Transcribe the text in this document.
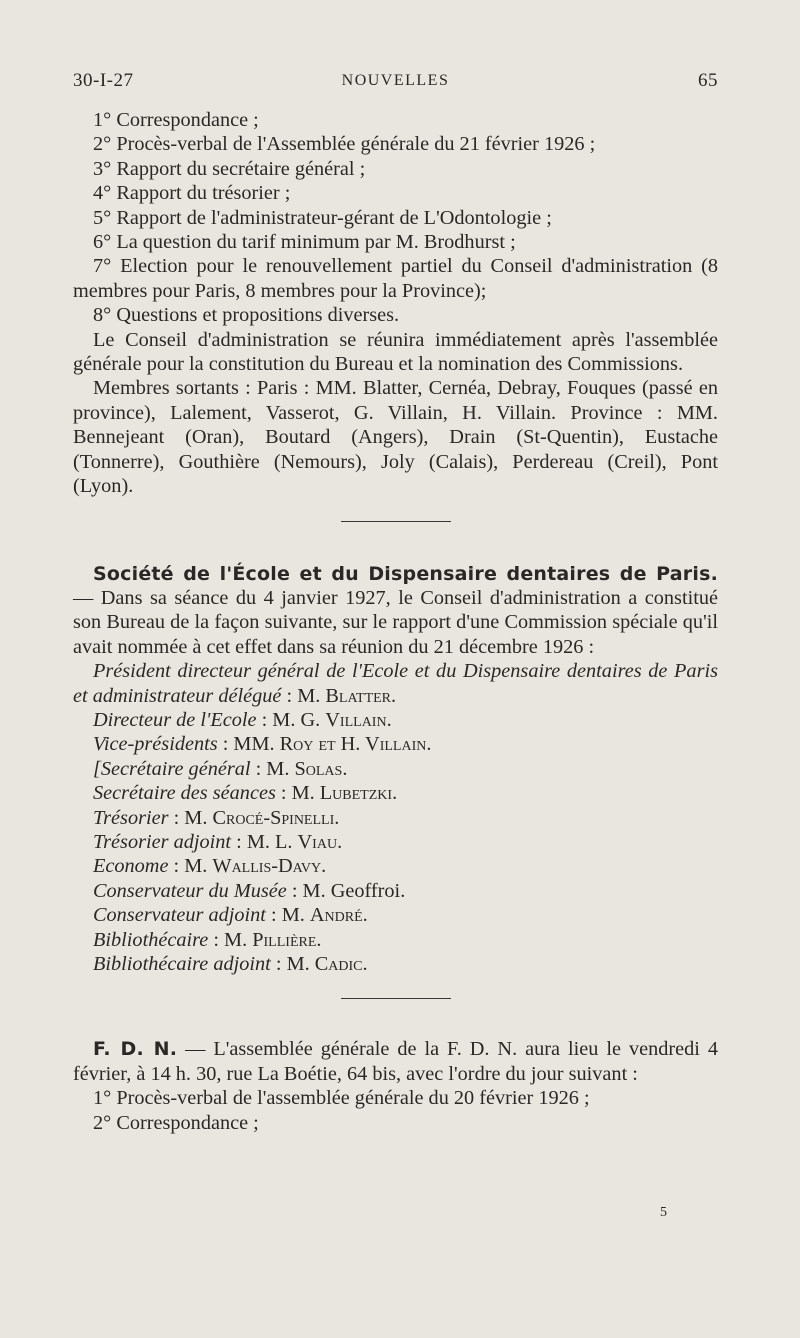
30-I-27	NOUVELLES	65

1° Correspondance ;

2° Procès-verbal de l'Assemblée générale du 21 février 1926 ;

3° Rapport du secrétaire général ;

4° Rapport du trésorier ;

5° Rapport de l'administrateur-gérant de L'Odontologie ;

6° La question du tarif minimum par M. Brodhurst ;

7° Election pour le renouvellement partiel du Conseil d'administration (8 membres pour Paris, 8 membres pour la Province);

8° Questions et propositions diverses.

Le Conseil d'administration se réunira immédiatement après l'assemblée générale pour la constitution du Bureau et la nomination des Commissions.

Membres sortants : Paris : MM. Blatter, Cernéa, Debray, Fouques (passé en province), Lalement, Vasserot, G. Villain, H. Villain. Province : MM. Bennejeant (Oran), Boutard (Angers), Drain (St-Quentin), Eustache (Tonnerre), Gouthière (Nemours), Joly (Calais), Perdereau (Creil), Pont (Lyon).

Société de l'École et du Dispensaire dentaires de Paris. — Dans sa séance du 4 janvier 1927, le Conseil d'administration a constitué son Bureau de la façon suivante, sur le rapport d'une Commission spéciale qu'il avait nommée à cet effet dans sa réunion du 21 décembre 1926 :

Président directeur général de l'Ecole et du Dispensaire dentaires de Paris et administrateur délégué : M. Blatter.

Directeur de l'Ecole : M. G. Villain.

Vice-présidents : MM. Roy et H. Villain.

[Secrétaire général : M. Solas.

Secrétaire des séances : M. Lubetzki.

Trésorier : M. Crocé-Spinelli.

Trésorier adjoint : M. L. Viau.

Econome : M. Wallis-Davy.

Conservateur du Musée : M. Geoffroi.

Conservateur adjoint : M. André.

Bibliothécaire : M. Pillière.

Bibliothécaire adjoint : M. Cadic.

F. D. N. — L'assemblée générale de la F. D. N. aura lieu le vendredi 4 février, à 14 h. 30, rue La Boétie, 64 bis, avec l'ordre du jour suivant :

1° Procès-verbal de l'assemblée générale du 20 février 1926 ;

2° Correspondance ;

5
